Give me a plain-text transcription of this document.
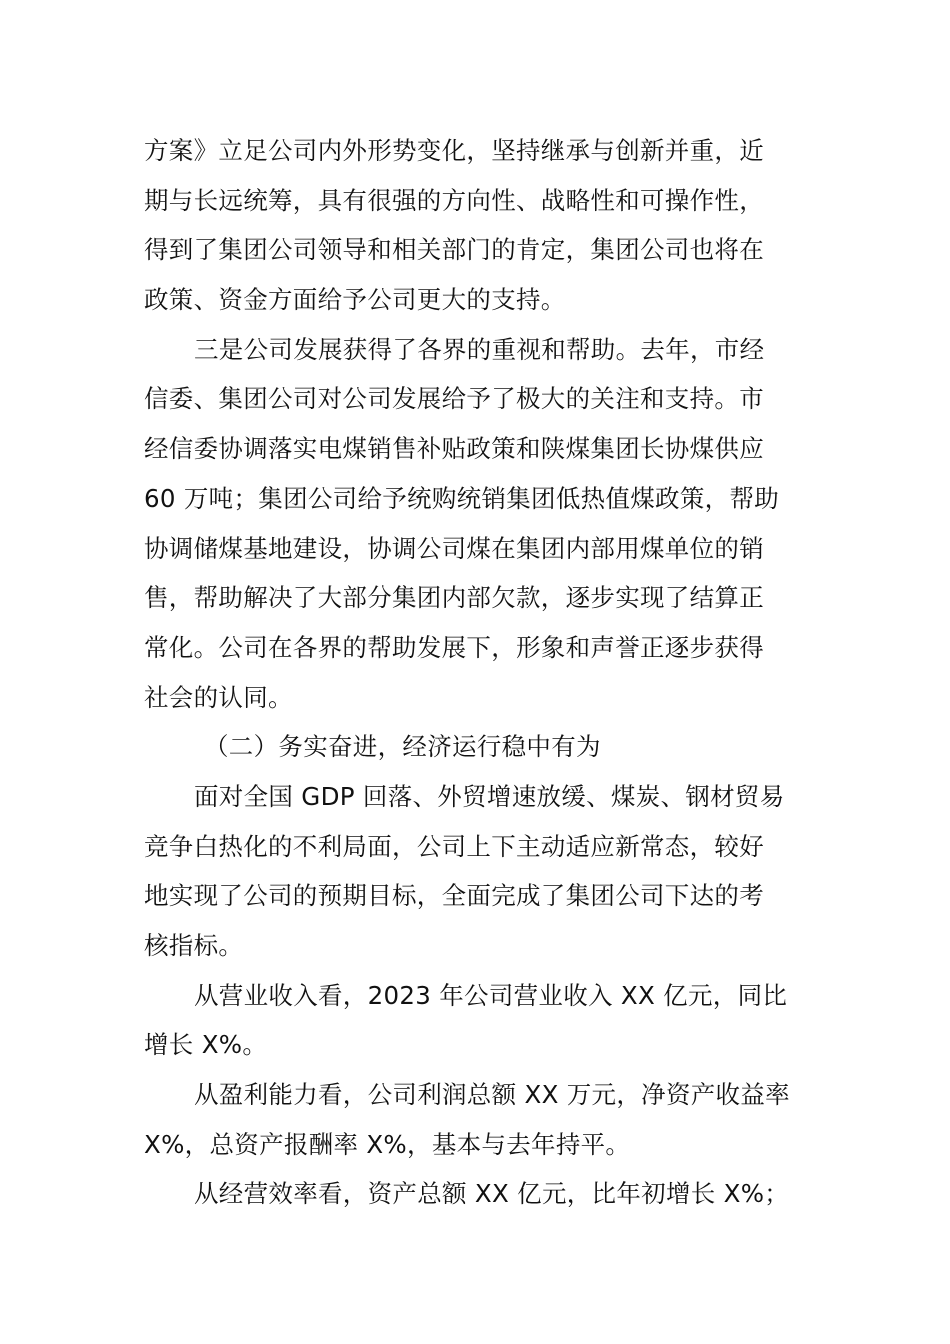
方案》立足公司内外形势变化，坚持继承与创新并重，近
期与长远统筹，具有很强的方向性、战略性和可操作性，
得到了集团公司领导和相关部门的肯定，集团公司也将在
政策、资金方面给予公司更大的支持。
三是公司发展获得了各界的重视和帮助。去年，市经
信委、集团公司对公司发展给予了极大的关注和支持。市
经信委协调落实电煤销售补贴政策和陕煤集团长协煤供应
60 万吨；集团公司给予统购统销集团低热值煤政策，帮助
协调储煤基地建设，协调公司煤在集团内部用煤单位的销
售，帮助解决了大部分集团内部欠款，逐步实现了结算正
常化。公司在各界的帮助发展下，形象和声誉正逐步获得
社会的认同。
（二）务实奋进，经济运行稳中有为
面对全国 GDP 回落、外贸增速放缓、煤炭、钢材贸易
竞争白热化的不利局面，公司上下主动适应新常态，较好
地实现了公司的预期目标，全面完成了集团公司下达的考
核指标。
从营业收入看，2023 年公司营业收入 XX 亿元，同比
增长 X%。
从盈利能力看，公司利润总额 XX 万元，净资产收益率
X%，总资产报酬率 X%，基本与去年持平。
从经营效率看，资产总额 XX 亿元，比年初增长 X%；
